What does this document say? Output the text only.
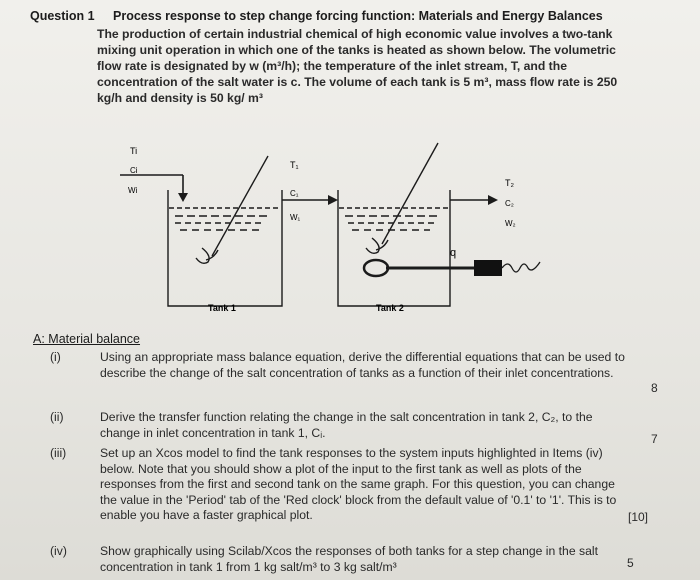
Question 1 Process response to step change forcing function: Materials and Energy Balances
The production of certain industrial chemical of high economic value involves a two-tank mixing unit operation in which one of the tanks is heated as shown below. The volumetric flow rate is designated by w (m³/h); the temperature of the inlet stream, T, and the concentration of the salt water is c. The volume of each tank is 5 m³, mass flow rate is 250 kg/h and density is 50 kg/ m³
Ti
Ci
Wi
T₁
C₁
W₁
T₂
C₂
W₂
q
Tank 1	Tank 2
A: Material balance
(i)	Using an appropriate mass balance equation, derive the differential equations that can be used to describe the change of the salt concentration of tanks as a function of their inlet concentrations.
8
(ii)	Derive the transfer function relating the change in the salt concentration in tank 2, C₂, to the change in inlet concentration in tank 1, Cᵢ.	7
(iii)	Set up an Xcos model to find the tank responses to the system inputs highlighted in Items (iv) below. Note that you should show a plot of the input to the first tank as well as plots of the responses from the first and second tank on the same graph. For this question, you can change the value in the 'Period' tab of the 'Red clock' block from the default value of '0.1' to '1'. This is to enable you have a faster graphical plot.	[10]
(iv)	Show graphically using Scilab/Xcos the responses of both tanks for a step change in the salt concentration in tank 1 from 1 kg salt/m³ to 3 kg salt/m³	5
